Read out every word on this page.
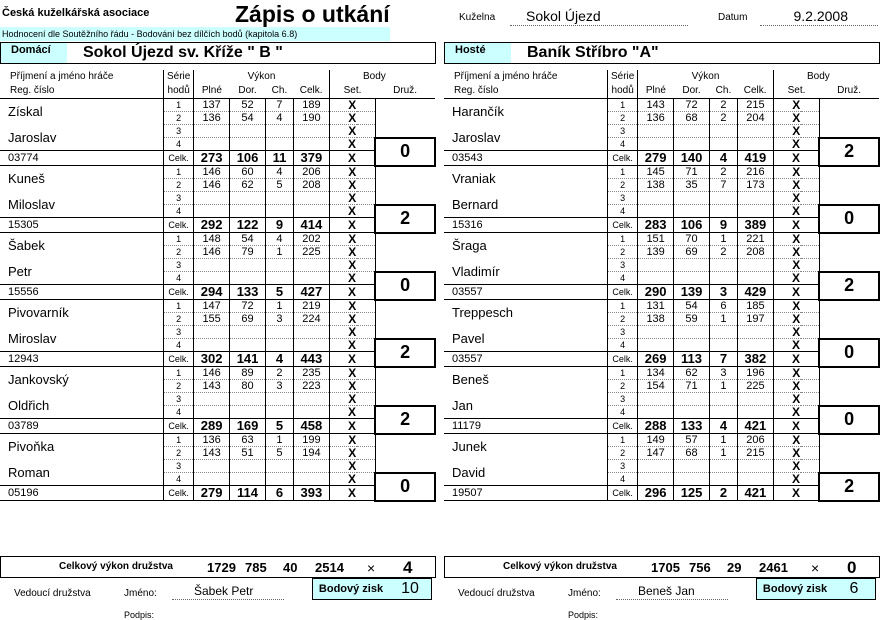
Česká kuželkářská asociace	Zápis o utkání
Hodnocení dle Soutěžního řádu - Bodování bez dílčích bodů (kapitola 6.8)
Kuželna	Sokol Újezd	Datum	9.2.2008
Domácí	Sokol Újezd sv. Kříže " B "
Příjmení a jméno hráče	Série	Výkon				Body		
Reg. číslo	hodů	Plné	Dor.	Ch.	Celk.	Set.	Druž.	
Získal	1	137	52	7	189	X		
	2	136	54	4	190	X		
Jaroslav	3					X		
	4					X	0	
03774	Celk.	273	106	11	379	X		
Kuneš	1	146	60	4	206	X		
	2	146	62	5	208	X		
Miloslav	3					X		
	4					X	2	
15305	Celk.	292	122	9	414	X		
Šabek	1	148	54	4	202	X		
	2	146	79	1	225	X		
Petr	3					X		
	4					X	0	
15556	Celk.	294	133	5	427	X		
Pivovarník	1	147	72	1	219	X		
	2	155	69	3	224	X		
Miroslav	3					X		
	4					X	2	
12943	Celk.	302	141	4	443	X		
Jankovský	1	146	89	2	235	X		
	2	143	80	3	223	X		
Oldřich	3					X		
	4					X	2	
03789	Celk.	289	169	5	458	X		
Pivoňka	1	136	63	1	199	X		
	2	143	51	5	194	X		
Roman	3					X		
	4					X	0	
05196	Celk.	279	114	6	393	X		
Celkový výkon družstva	1729 785 40 2514 × 4
Vedoucí družstva	Jméno:	Šabek Petr
Podpis:
Bodový zisk	10
Hosté	Baník Stříbro "A"
Příjmení a jméno hráče	Série	Výkon				Body		
Reg. číslo	hodů	Plné	Dor.	Ch.	Celk.	Set.	Druž.	
Harančík	1	143	72	2	215	X		
	2	136	68	2	204	X		
Jaroslav	3					X		
	4					X	2	
03543	Celk.	279	140	4	419	X		
Vraniak	1	145	71	2	216	X		
	2	138	35	7	173	X		
Bernard	3					X		
	4					X	0	
15316	Celk.	283	106	9	389	X		
Šraga	1	151	70	1	221	X		
	2	139	69	2	208	X		
Vladimír	3					X		
	4					X	2	
03557	Celk.	290	139	3	429	X		
Treppesch	1	131	54	6	185	X		
	2	138	59	1	197	X		
Pavel	3					X		
	4					X	0	
03557	Celk.	269	113	7	382	X		
Beneš	1	134	62	3	196	X		
	2	154	71	1	225	X		
Jan	3					X		
	4					X	0	
11179	Celk.	288	133	4	421	X		
Junek	1	149	57	1	206	X		
	2	147	68	1	215	X		
David	3					X		
	4					X	2	
19507	Celk.	296	125	2	421	X		
Celkový výkon družstva	1705 756 29 2461 × 0
Vedoucí družstva	Jméno:	Beneš Jan
Podpis:
Bodový zisk	6
